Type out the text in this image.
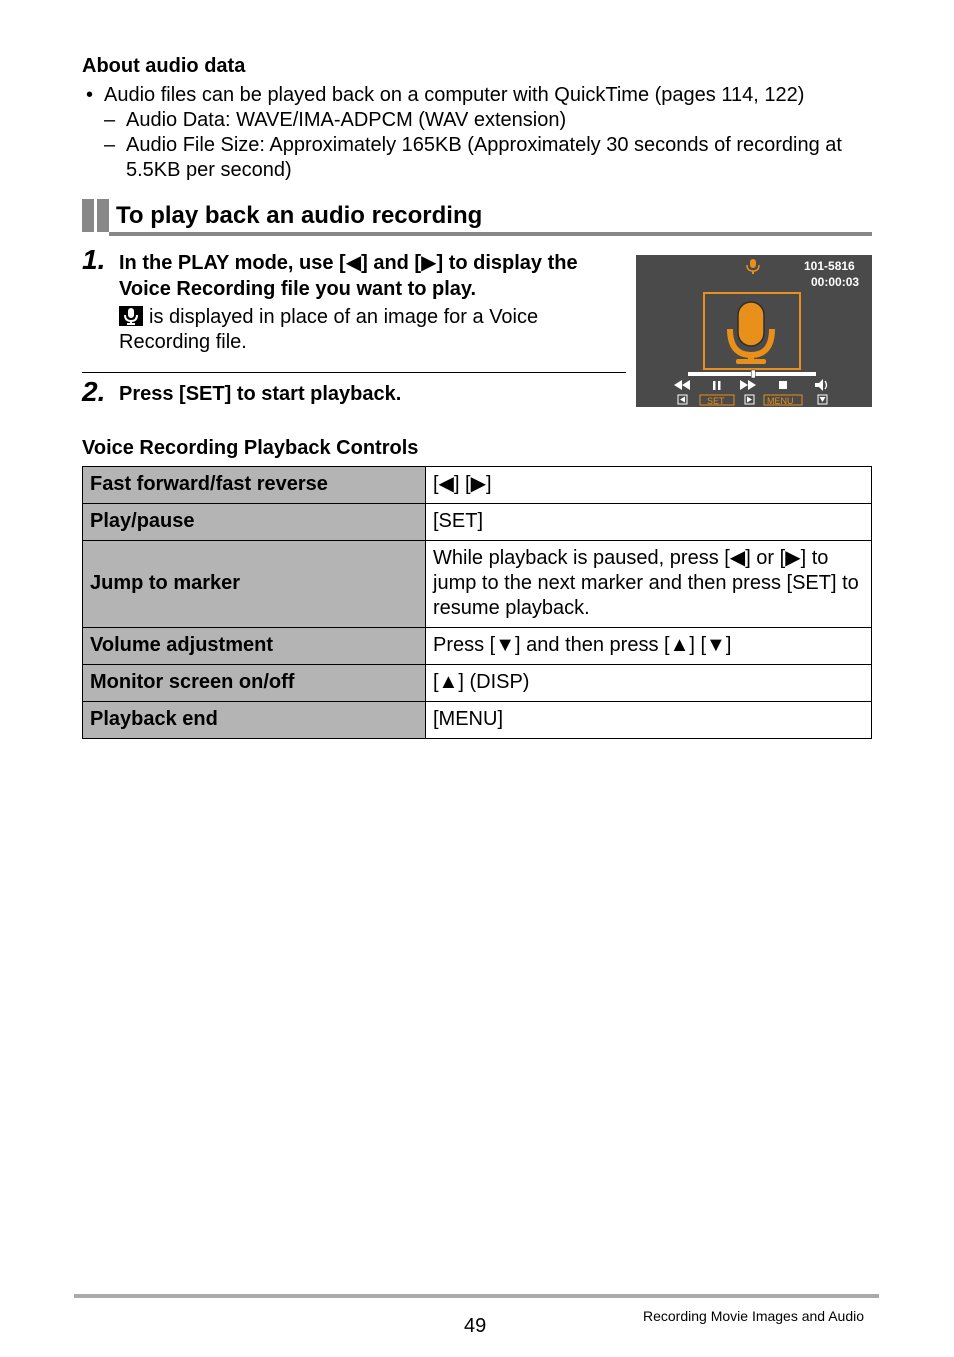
About audio data
• Audio files can be played back on a computer with QuickTime (pages 114, 122)
– Audio Data: WAVE/IMA-ADPCM (WAV extension)
– Audio File Size: Approximately 165KB (Approximately 30 seconds of recording at 5.5KB per second)
To play back an audio recording
1. In the PLAY mode, use [◀] and [▶] to display the Voice Recording file you want to play.
is displayed in place of an image for a Voice Recording file.
2. Press [SET] to start playback.
101-5816
00:00:03
SET	MENU
Voice Recording Playback Controls
Fast forward/fast reverse	[◀] [▶]
Play/pause	[SET]
Jump to marker	While playback is paused, press [◀] or [▶] to jump to the next marker and then press [SET] to resume playback.
Volume adjustment	Press [▼] and then press [▲] [▼]
Monitor screen on/off	[▲] (DISP)
Playback end	[MENU]
49	Recording Movie Images and Audio
